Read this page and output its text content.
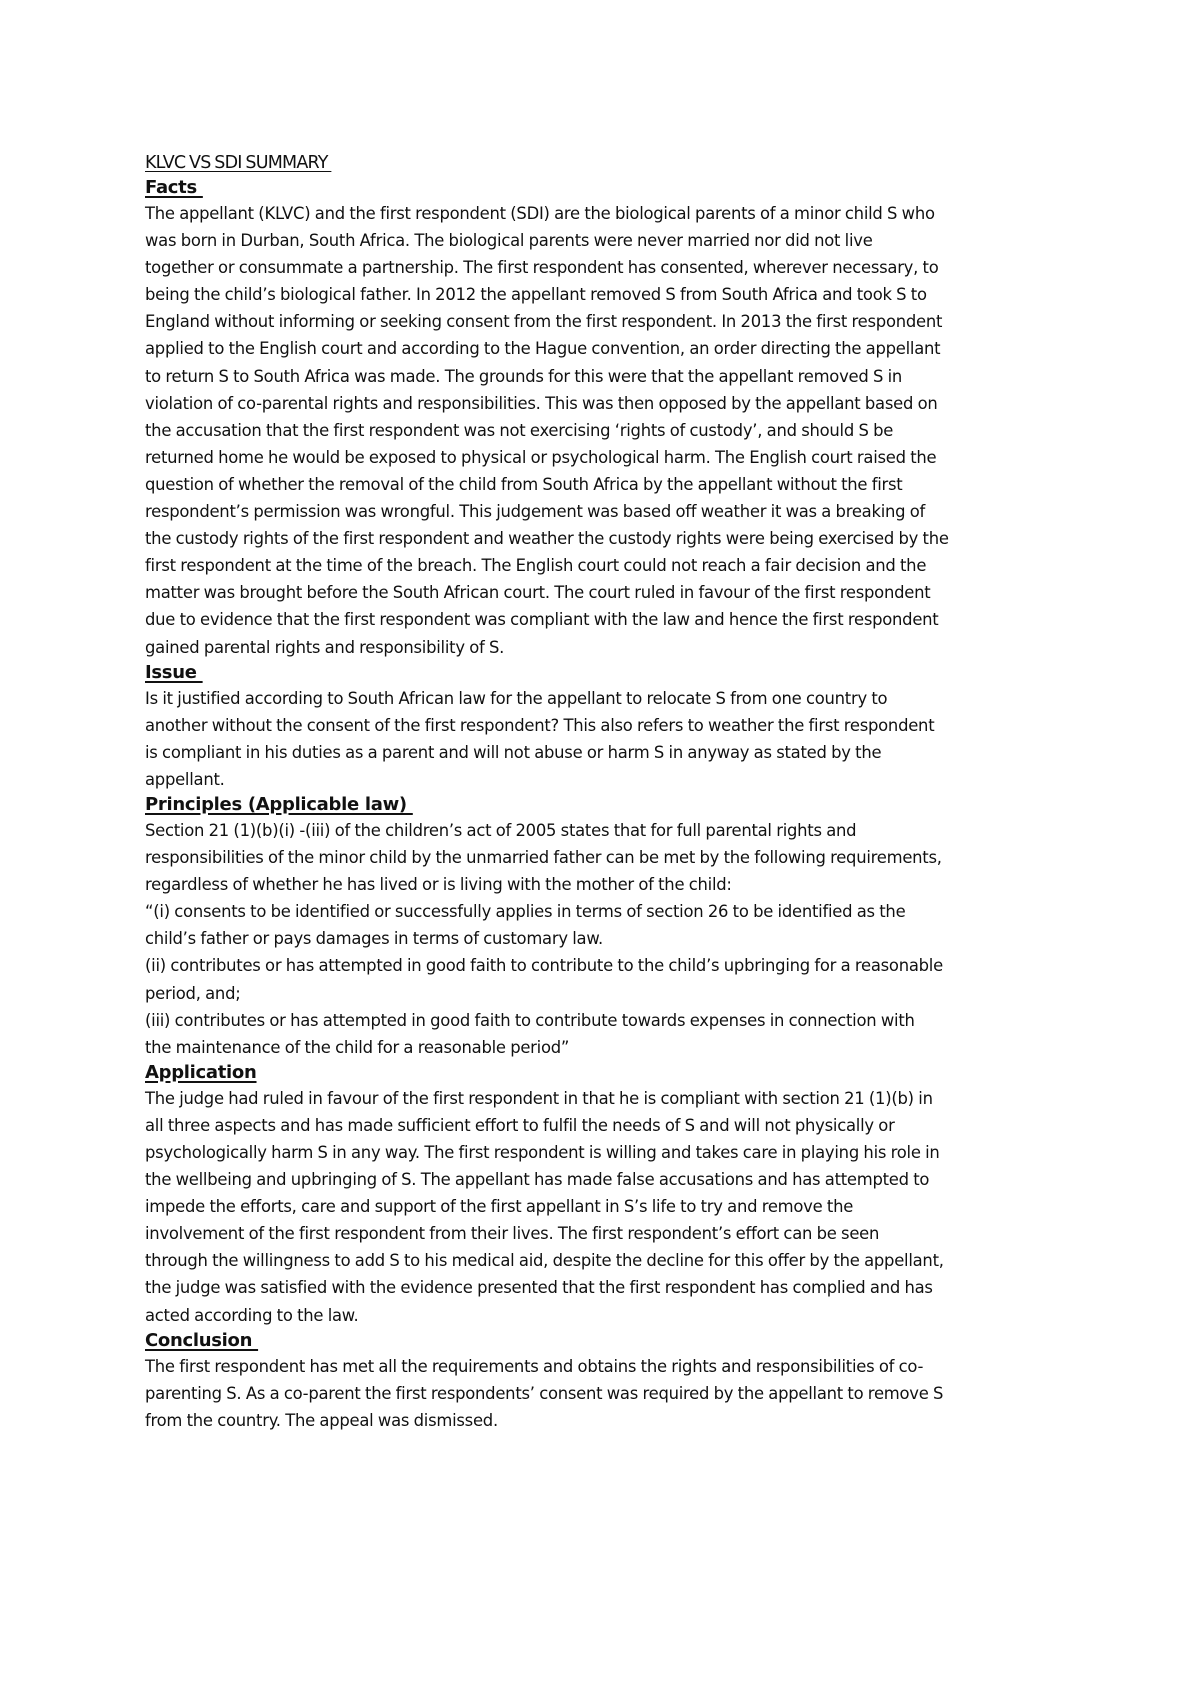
KLVC VS SDI SUMMARY
Facts
The appellant (KLVC) and the first respondent (SDI) are the biological parents of a minor child S who
was born in Durban, South Africa. The biological parents were never married nor did not live
together or consummate a partnership. The first respondent has consented, wherever necessary, to
being the child’s biological father. In 2012 the appellant removed S from South Africa and took S to
England without informing or seeking consent from the first respondent. In 2013 the first respondent
applied to the English court and according to the Hague convention, an order directing the appellant
to return S to South Africa was made. The grounds for this were that the appellant removed S in
violation of co-parental rights and responsibilities. This was then opposed by the appellant based on
the accusation that the first respondent was not exercising ‘rights of custody’, and should S be
returned home he would be exposed to physical or psychological harm. The English court raised the
question of whether the removal of the child from South Africa by the appellant without the first
respondent’s permission was wrongful. This judgement was based off weather it was a breaking of
the custody rights of the first respondent and weather the custody rights were being exercised by the
first respondent at the time of the breach. The English court could not reach a fair decision and the
matter was brought before the South African court. The court ruled in favour of the first respondent
due to evidence that the first respondent was compliant with the law and hence the first respondent
gained parental rights and responsibility of S.
Issue
Is it justified according to South African law for the appellant to relocate S from one country to
another without the consent of the first respondent? This also refers to weather the first respondent
is compliant in his duties as a parent and will not abuse or harm S in anyway as stated by the
appellant.
Principles (Applicable law)
Section 21 (1)(b)(i) -(iii) of the children’s act of 2005 states that for full parental rights and
responsibilities of the minor child by the unmarried father can be met by the following requirements,
regardless of whether he has lived or is living with the mother of the child:
“(i) consents to be identified or successfully applies in terms of section 26 to be identified as the
child’s father or pays damages in terms of customary law.
(ii) contributes or has attempted in good faith to contribute to the child’s upbringing for a reasonable
period, and;
(iii) contributes or has attempted in good faith to contribute towards expenses in connection with
the maintenance of the child for a reasonable period”
Application
The judge had ruled in favour of the first respondent in that he is compliant with section 21 (1)(b) in
all three aspects and has made sufficient effort to fulfil the needs of S and will not physically or
psychologically harm S in any way. The first respondent is willing and takes care in playing his role in
the wellbeing and upbringing of S. The appellant has made false accusations and has attempted to
impede the efforts, care and support of the first appellant in S’s life to try and remove the
involvement of the first respondent from their lives. The first respondent’s effort can be seen
through the willingness to add S to his medical aid, despite the decline for this offer by the appellant,
the judge was satisfied with the evidence presented that the first respondent has complied and has
acted according to the law.
Conclusion
The first respondent has met all the requirements and obtains the rights and responsibilities of co-
parenting S. As a co-parent the first respondents’ consent was required by the appellant to remove S
from the country. The appeal was dismissed.
